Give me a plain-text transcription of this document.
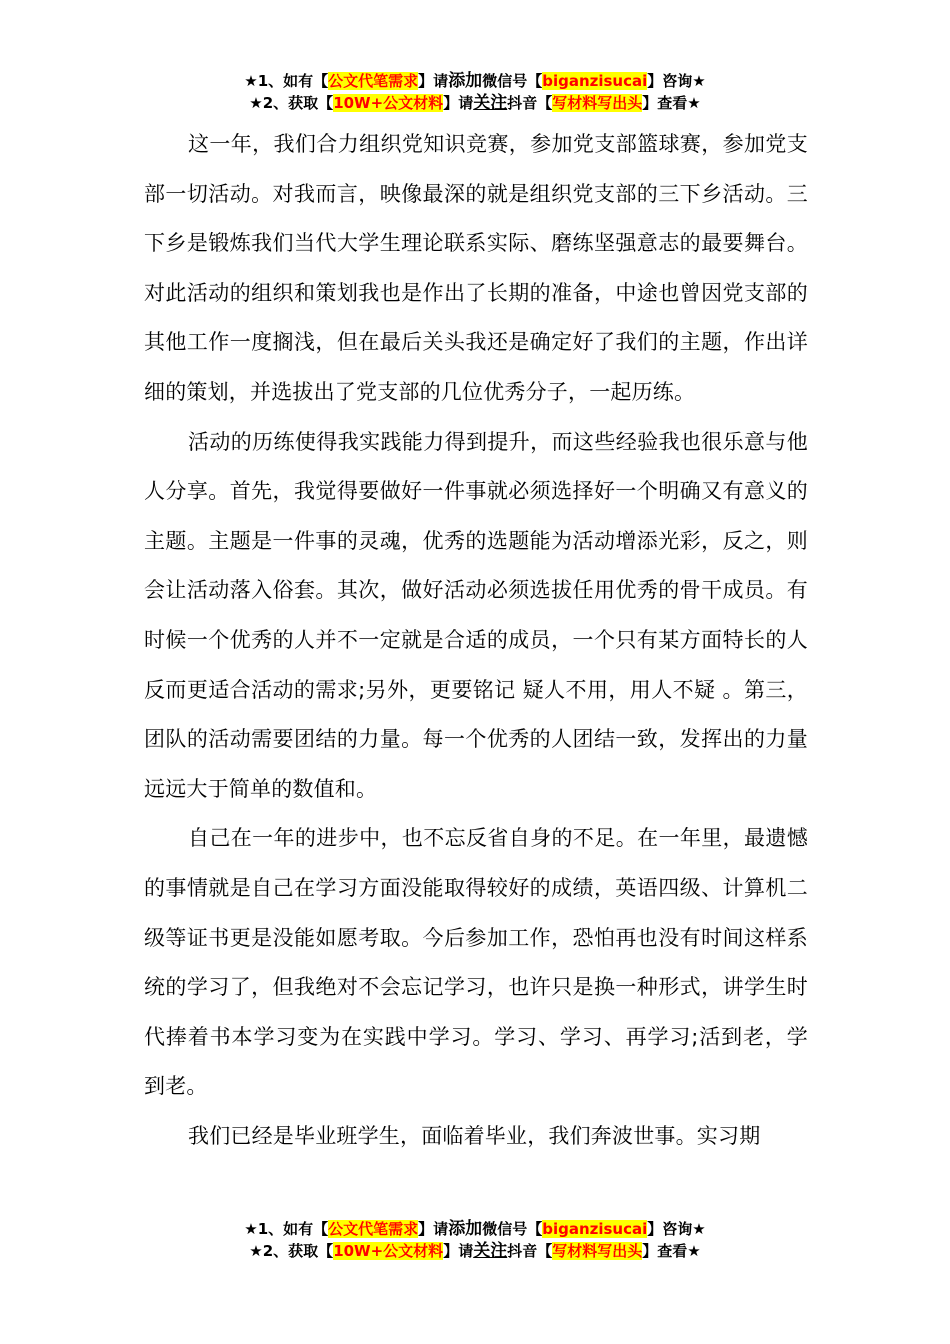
★1、如有【公文代笔需求】请添加微信号【biganzisucai】咨询★
★2、获取【10W+公文材料】请关注抖音【写材料写出头】查看★

这一年，我们合力组织党知识竞赛，参加党支部篮球赛，参加党支部一切活动。对我而言，映像最深的就是组织党支部的三下乡活动。三下乡是锻炼我们当代大学生理论联系实际、磨练坚强意志的最要舞台。对此活动的组织和策划我也是作出了长期的准备，中途也曾因党支部的其他工作一度搁浅，但在最后关头我还是确定好了我们的主题，作出详细的策划，并选拔出了党支部的几位优秀分子，一起历练。

活动的历练使得我实践能力得到提升，而这些经验我也很乐意与他人分享。首先，我觉得要做好一件事就必须选择好一个明确又有意义的主题。主题是一件事的灵魂，优秀的选题能为活动增添光彩，反之，则会让活动落入俗套。其次，做好活动必须选拔任用优秀的骨干成员。有时候一个优秀的人并不一定就是合适的成员，一个只有某方面特长的人反而更适合活动的需求;另外，更要铭记 疑人不用，用人不疑 。第三，团队的活动需要团结的力量。每一个优秀的人团结一致，发挥出的力量远远大于简单的数值和。

自己在一年的进步中，也不忘反省自身的不足。在一年里，最遗憾的事情就是自己在学习方面没能取得较好的成绩，英语四级、计算机二级等证书更是没能如愿考取。今后参加工作，恐怕再也没有时间这样系统的学习了，但我绝对不会忘记学习，也许只是换一种形式，讲学生时代捧着书本学习变为在实践中学习。学习、学习、再学习;活到老，学到老。

我们已经是毕业班学生，面临着毕业，我们奔波世事。实习期

★1、如有【公文代笔需求】请添加微信号【biganzisucai】咨询★
★2、获取【10W+公文材料】请关注抖音【写材料写出头】查看★
